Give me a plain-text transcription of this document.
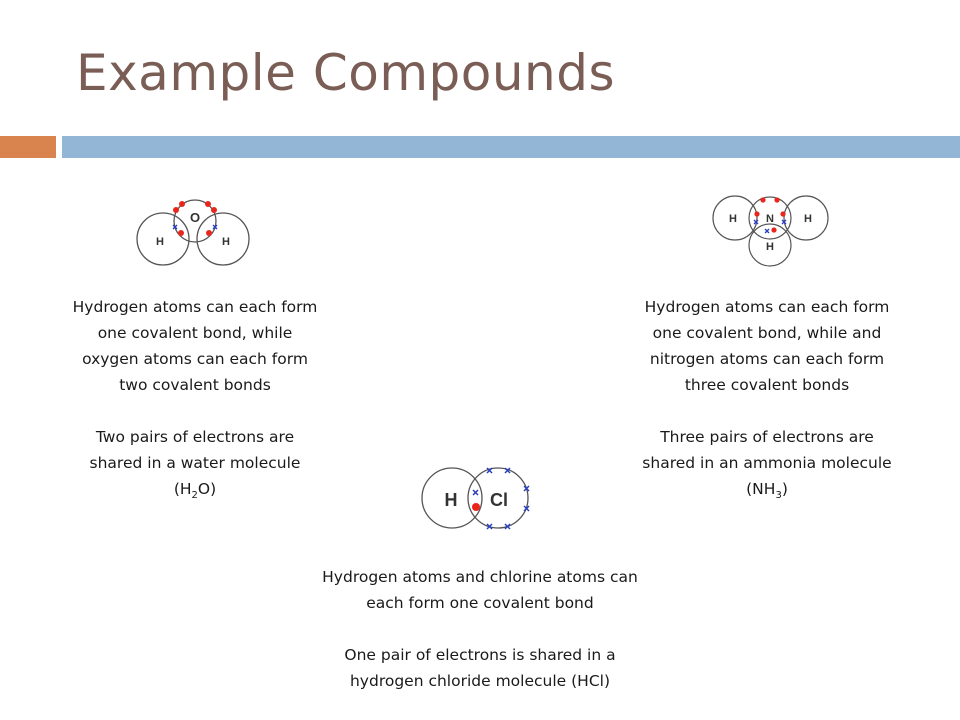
Example Compounds
O
H	H
H	N	H
H
H Cl

Hydrogen atoms can each form

one covalent bond, while

oxygen atoms can each form

two covalent bonds

Two pairs of electrons are

shared in a water molecule

$(H_2O)$

Hydrogen atoms can each form

one covalent bond, while and

nitrogen atoms can each form

three covalent bonds

Three pairs of electrons are

shared in an ammonia molecule

$(NH_3)$

Hydrogen atoms and chlorine atoms can

each form one covalent bond

One pair of electrons is shared in a

hydrogen chloride molecule (HCl)
